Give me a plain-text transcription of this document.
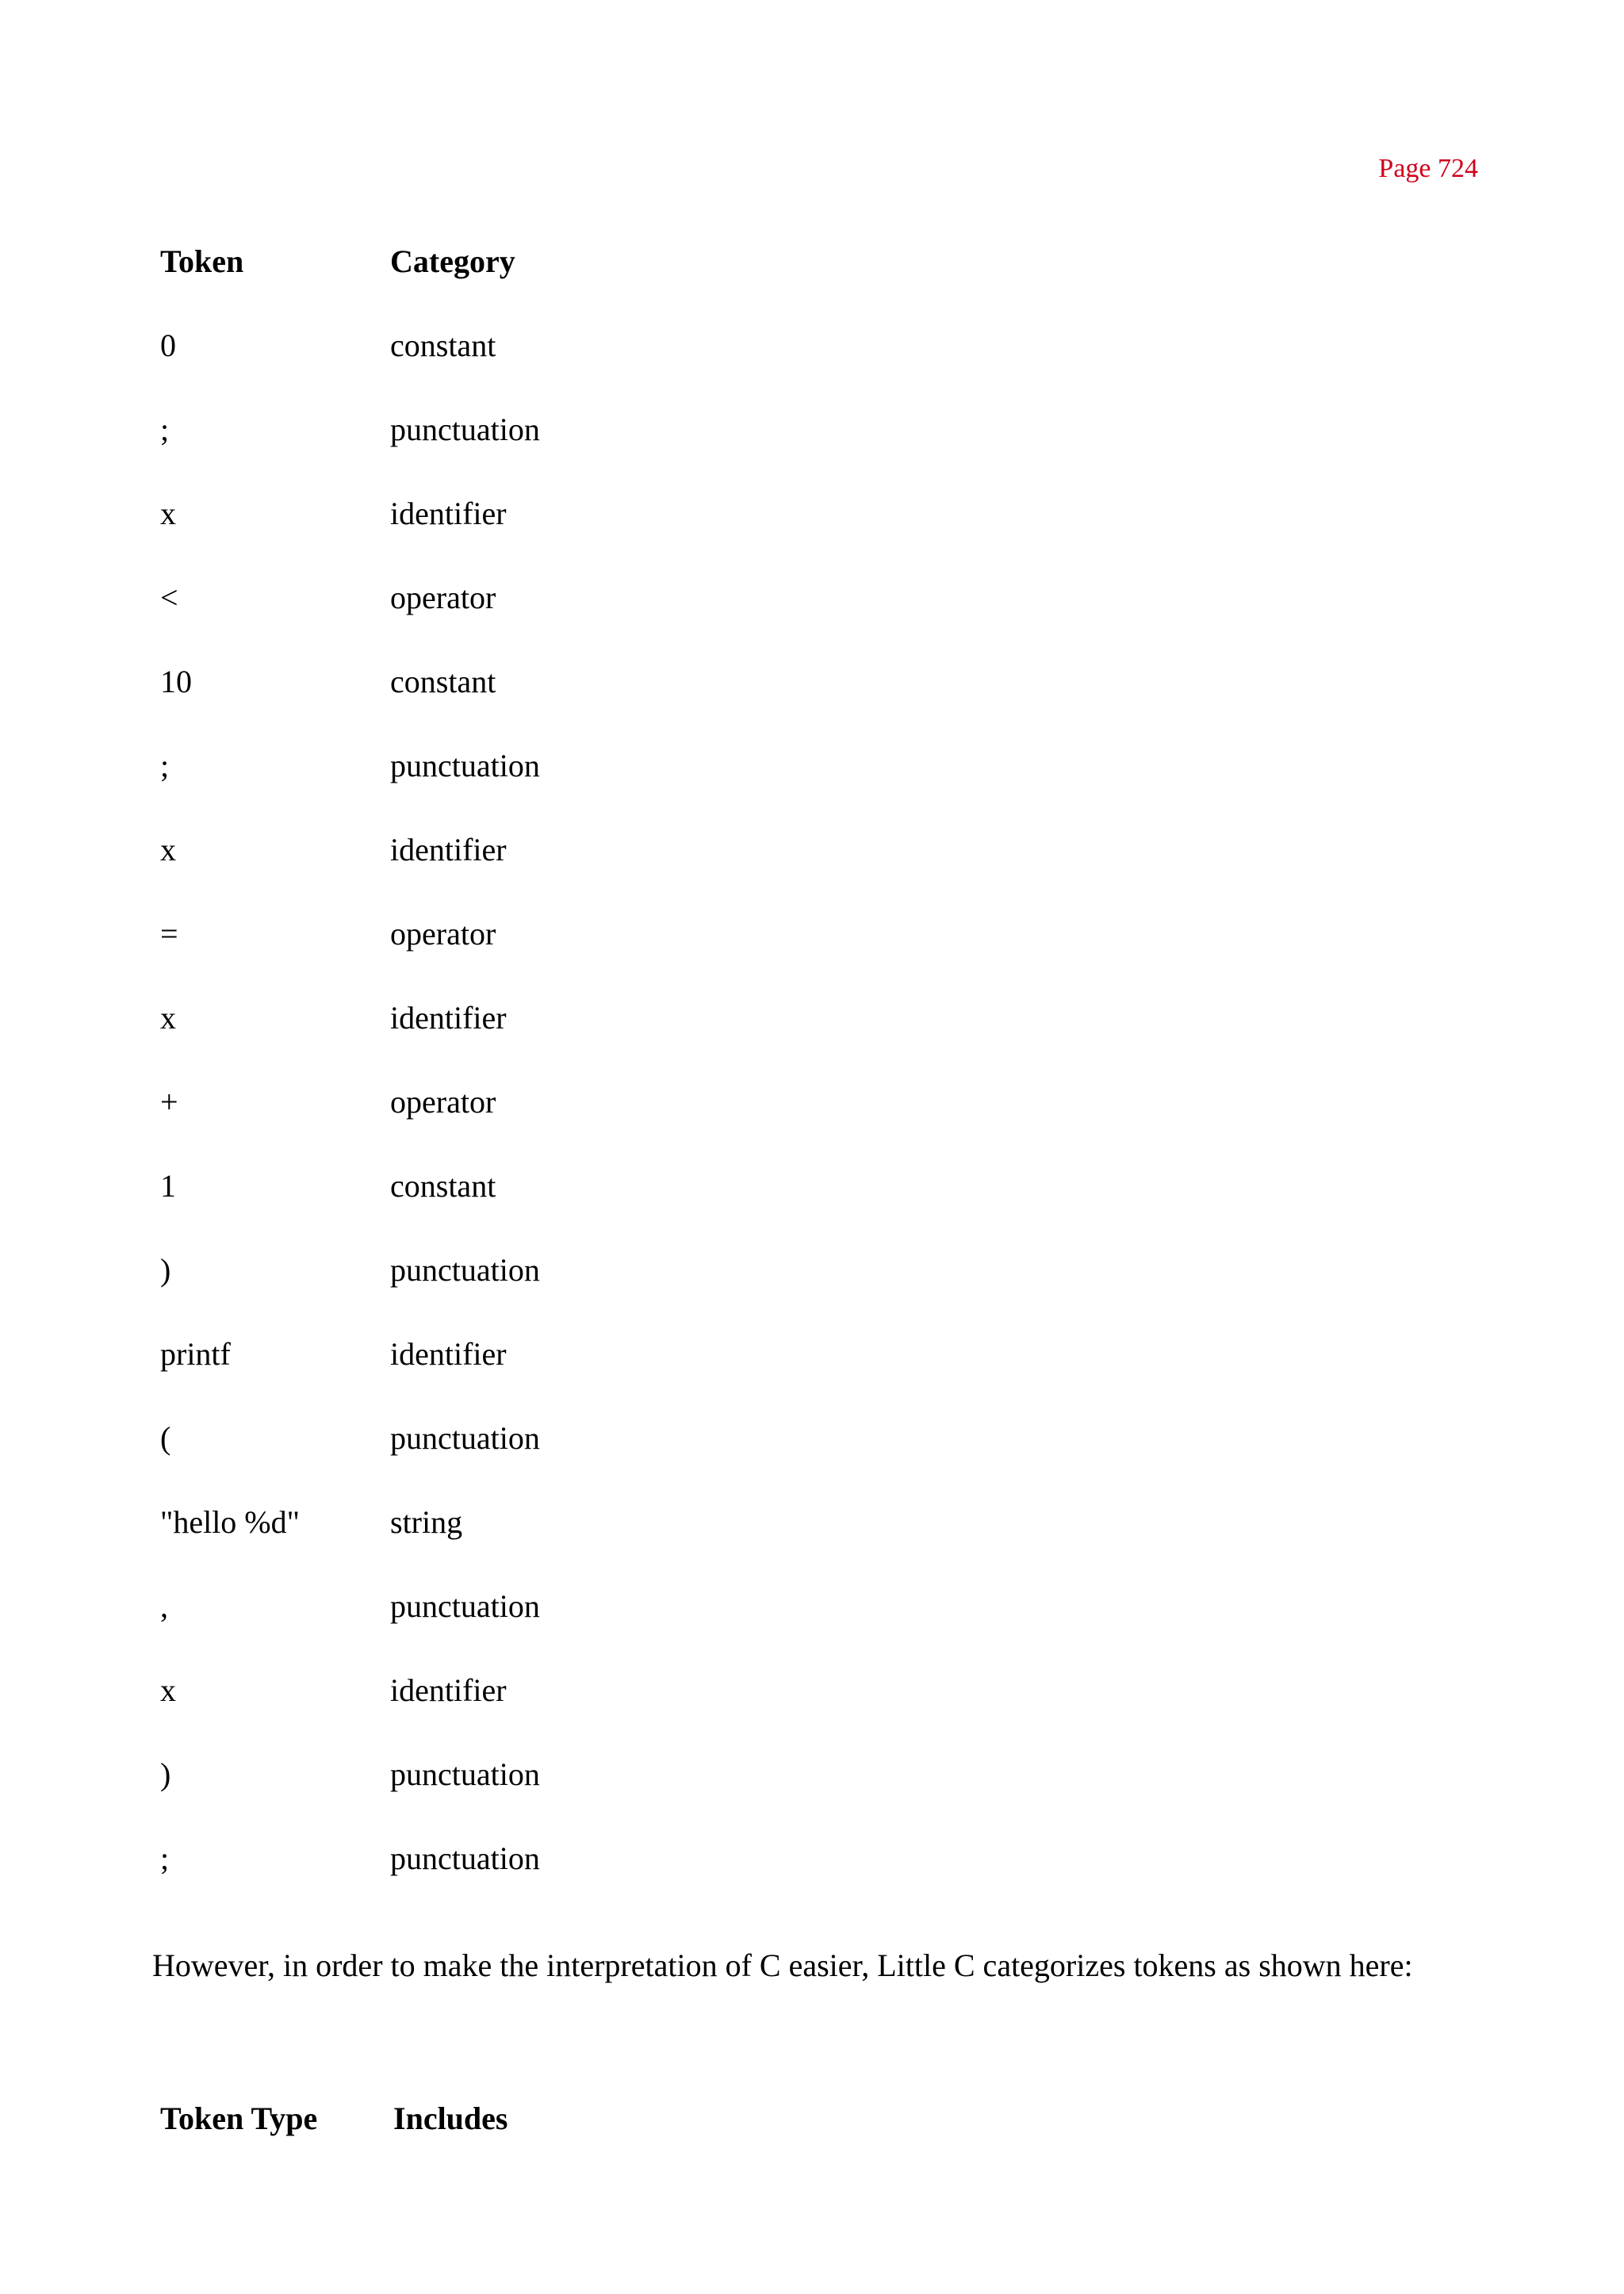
Page 724
Token	Category
0	constant
;	punctuation
x	identifier
<	operator
10	constant
;	punctuation
x	identifier
=	operator
x	identifier
+	operator
1	constant
)	punctuation
printf	identifier
(	punctuation
"hello %d"	string
,	punctuation
x	identifier
)	punctuation
;	punctuation
However, in order to make the interpretation of C easier, Little C categorizes tokens as shown here:
Token Type	Includes
